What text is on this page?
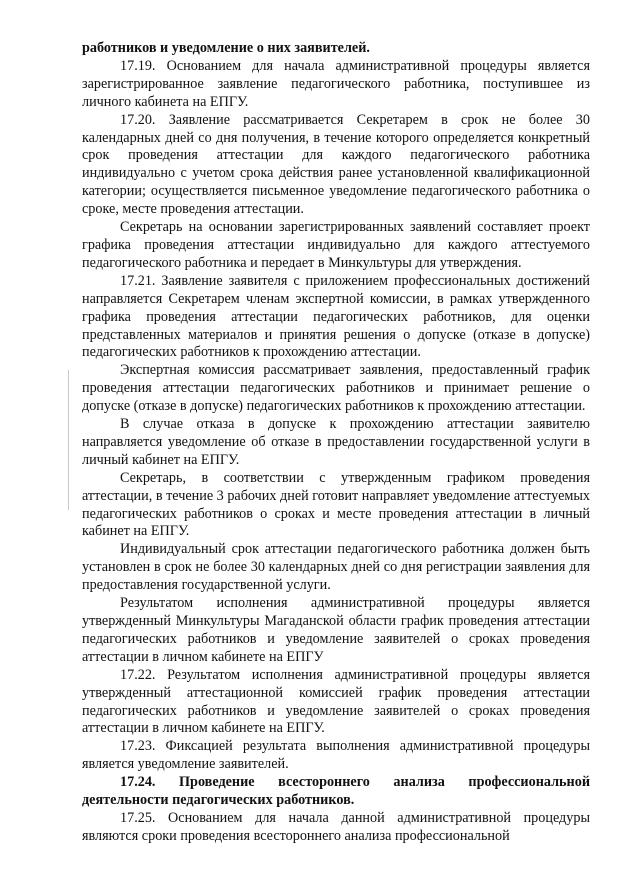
работников и уведомление о них заявителей.

17.19. Основанием для начала административной процедуры является зарегистрированное заявление педагогического работника, поступившее из личного кабинета на ЕПГУ.

17.20. Заявление рассматривается Секретарем в срок не более 30 календарных дней со дня получения, в течение которого определяется конкретный срок проведения аттестации для каждого педагогического работника индивидуально с учетом срока действия ранее установленной квалификационной категории; осуществляется письменное уведомление педагогического работника о сроке, месте проведения аттестации.

Секретарь на основании зарегистрированных заявлений составляет проект графика проведения аттестации индивидуально для каждого аттестуемого педагогического работника и передает в Минкультуры для утверждения.

17.21. Заявление заявителя с приложением профессиональных достижений направляется Секретарем членам экспертной комиссии, в рамках утвержденного графика проведения аттестации педагогических работников, для оценки представленных материалов и принятия решения о допуске (отказе в допуске) педагогических работников к прохождению аттестации.

Экспертная комиссия рассматривает заявления, предоставленный график проведения аттестации педагогических работников и принимает решение о допуске (отказе в допуске) педагогических работников к прохождению аттестации.

В случае отказа в допуске к прохождению аттестации заявителю направляется уведомление об отказе в предоставлении государственной услуги в личный кабинет на ЕПГУ.

Секретарь, в соответствии с утвержденным графиком проведения аттестации, в течение 3 рабочих дней готовит направляет уведомление аттестуемых педагогических работников о сроках и месте проведения аттестации в личный кабинет на ЕПГУ.

Индивидуальный срок аттестации педагогического работника должен быть установлен в срок не более 30 календарных дней со дня регистрации заявления для предоставления государственной услуги.

Результатом исполнения административной процедуры является утвержденный Минкультуры Магаданской области график проведения аттестации педагогических работников и уведомление заявителей о сроках проведения аттестации в личном кабинете на ЕПГУ

17.22. Результатом исполнения административной процедуры является утвержденный аттестационной комиссией график проведения аттестации педагогических работников и уведомление заявителей о сроках проведения аттестации в личном кабинете на ЕПГУ.

17.23. Фиксацией результата выполнения административной процедуры является уведомление заявителей.

17.24. Проведение всестороннего анализа профессиональной деятельности педагогических работников.

17.25. Основанием для начала данной административной процедуры являются сроки проведения всестороннего анализа профессиональной
